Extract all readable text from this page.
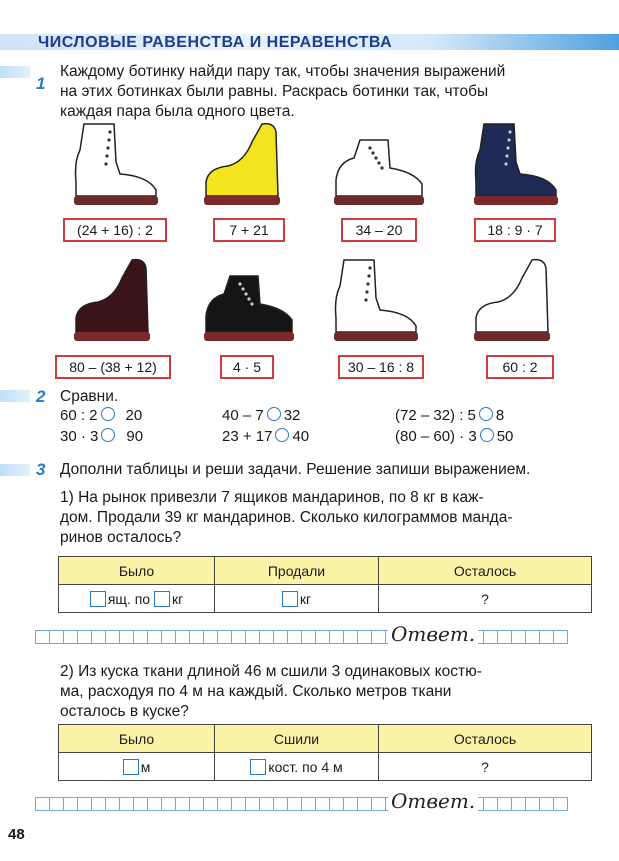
ЧИСЛОВЫЕ РАВЕНСТВА И НЕРАВЕНСТВА
1
Каждому ботинку найди пару так, чтобы значения выражений
на этих ботинках были равны. Раскрась ботинки так, чтобы
каждая пара была одного цвета.
(24 + 16) : 2	7 + 21	34 – 20	18 : 9 · 7
80 – (38 + 12)	4 · 5	30 – 16 : 8	60 : 2
2 Сравни.
60 : 2 20
30 · 3 90
40 – 7 32
23 + 17 40
(72 – 32) : 5 8
(80 – 60) · 3 50
3 Дополни таблицы и реши задачи. Решение запиши выражением.
1) На рынок привезли 7 ящиков мандаринов, по 8 кг в каж-
дом. Продали 39 кг мандаринов. Сколько килограммов манда-
ринов осталось?
Было	Продали	Осталось
ящ. по кг	кг	?
Ответ.
2) Из куска ткани длиной 46 м сшили 3 одинаковых костю-
ма, расходуя по 4 м на каждый. Сколько метров ткани
осталось в куске?
Было	Сшили	Осталось
м	кост. по 4 м	?
Ответ.
48
